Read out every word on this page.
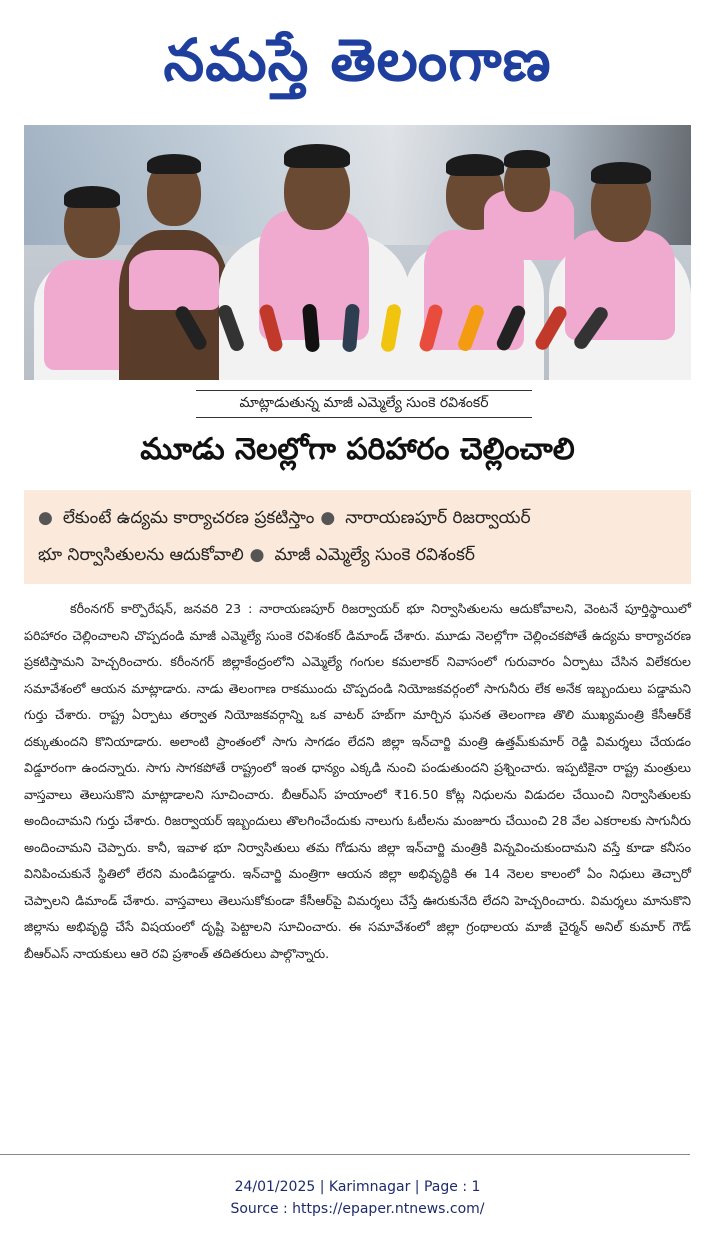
నమస్తే తెలంగాణ
మాట్లాడుతున్న మాజీ ఎమ్మెల్యే సుంకె రవిశంకర్
మూడు నెలల్లోగా పరిహారం చెల్లించాలి
● లేకుంటే ఉద్యమ కార్యాచరణ ప్రకటిస్తాం ● నారాయణపూర్ రిజర్వాయర్
భూ నిర్వాసితులను ఆదుకోవాలి ● మాజీ ఎమ్మెల్యే సుంకె రవిశంకర్
కరీంనగర్ కార్పొరేషన్, జనవరి 23 : నారాయణపూర్ రిజర్వాయర్ భూ నిర్వాసితులను ఆదుకోవాలని, వెంటనే పూర్తిస్థాయిలో పరిహారం చెల్లించాలని చొప్పదండి మాజీ ఎమ్మెల్యే సుంకె రవిశంకర్ డిమాండ్ చేశారు. మూడు నెలల్లోగా చెల్లించకపోతే ఉద్యమ కార్యాచరణ ప్రకటిస్తామని హెచ్చరించారు. కరీంనగర్ జిల్లాకేంద్రంలోని ఎమ్మెల్యే గంగుల కమలాకర్ నివాసంలో గురువారం ఏర్పాటు చేసిన విలేకరుల సమావేశంలో ఆయన మాట్లాడారు. నాడు తెలంగాణ రాకముందు చొప్పదండి నియోజకవర్గంలో సాగునీరు లేక అనేక ఇబ్బందులు పడ్డామని గుర్తు చేశారు. రాష్ట్ర ఏర్పాటు తర్వాత నియోజకవర్గాన్ని ఒక వాటర్ హబ్‌గా మార్చిన ఘనత తెలంగాణ తొలి ముఖ్యమంత్రి కేసీఆర్‌కే దక్కుతుందని కొనియాడారు. అలాంటి ప్రాంతంలో సాగు సాగడం లేదని జిల్లా ఇన్‌చార్జి మంత్రి ఉత్తమ్‌కుమార్ రెడ్డి విమర్శలు చేయడం విడ్డూరంగా ఉందన్నారు. సాగు సాగకపోతే రాష్ట్రంలో ఇంత ధాన్యం ఎక్కడి నుంచి పండుతుందని ప్రశ్నించారు. ఇప్పటికైనా రాష్ట్ర మంత్రులు వాస్తవాలు తెలుసుకొని మాట్లాడాలని సూచించారు. బీఆర్‌ఎస్ హయాంలో ₹16.50 కోట్ల నిధులను విడుదల చేయించి నిర్వాసితులకు అందించామని గుర్తు చేశారు. రిజర్వాయర్ ఇబ్బందులు తొలగించేందుకు నాలుగు ఓటీలను మంజూరు చేయించి 28 వేల ఎకరాలకు సాగునీరు అందించామని చెప్పారు. కానీ, ఇవాళ భూ నిర్వాసితులు తమ గోడును జిల్లా ఇన్‌చార్జి మంత్రికి విన్నవించుకుందామని వస్తే కూడా కనీసం వినిపించుకునే స్థితిలో లేరని మండిపడ్డారు. ఇన్‌చార్జి మంత్రిగా ఆయన జిల్లా అభివృద్ధికి ఈ 14 నెలల కాలంలో ఏం నిధులు తెచ్చారో చెప్పాలని డిమాండ్ చేశారు. వాస్తవాలు తెలుసుకోకుండా కేసీఆర్‌పై విమర్శలు చేస్తే ఊరుకునేది లేదని హెచ్చరించారు. విమర్శలు మానుకొని జిల్లాను అభివృద్ధి చేసే విషయంలో దృష్టి పెట్టాలని సూచించారు. ఈ సమావేశంలో జిల్లా గ్రంథాలయ మాజీ చైర్మన్ అనిల్ కుమార్ గౌడ్ బీఆర్‌ఎస్ నాయకులు ఆరె రవి ప్రశాంత్ తదితరులు పాల్గొన్నారు.
24/01/2025 | Karimnagar | Page : 1
Source : https://epaper.ntnews.com/
